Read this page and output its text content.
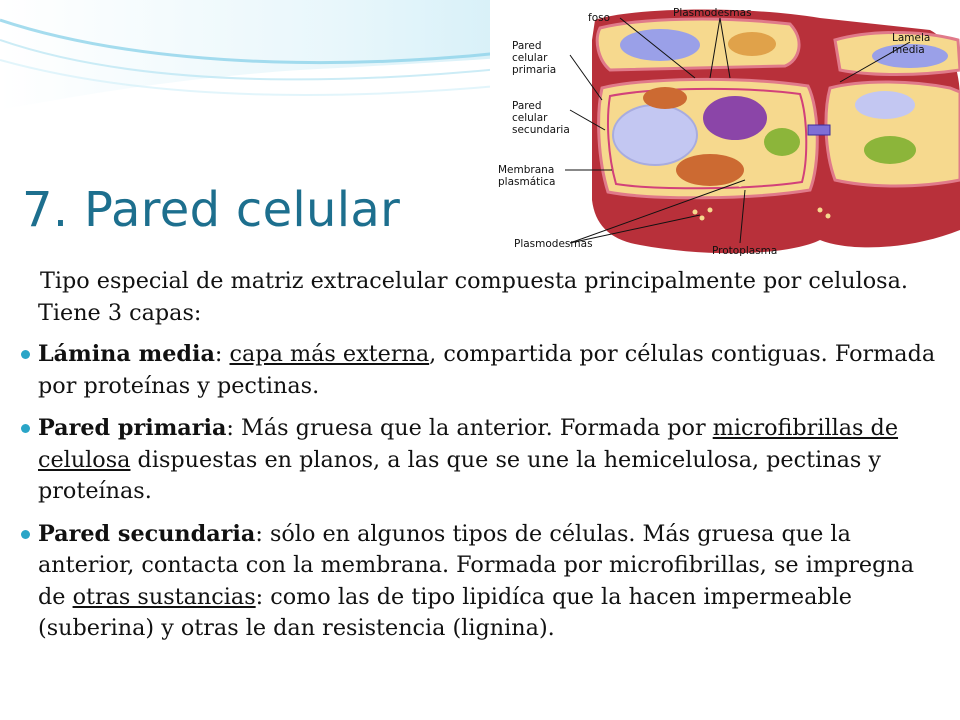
foso	Plasmodesmas
Lamela
media
Pared
celular
primaria
Pared
celular
secundaria
Membrana
plasmática
Plasmodesmas
Protoplasma
7. Pared celular

Tipo especial de matriz extracelular compuesta principalmente por celulosa. Tiene 3 capas:

Lámina media: capa más externa, compartida por células contiguas. Formada por proteínas y pectinas.

Pared primaria: Más gruesa que la anterior. Formada por microfibrillas de celulosa dispuestas en planos, a las que se une la hemicelulosa, pectinas y proteínas.

Pared secundaria: sólo en algunos tipos de células. Más gruesa que la anterior, contacta con la membrana. Formada por microfibrillas, se impregna de otras sustancias: como las de tipo lipidíca que la hacen impermeable (suberina) y otras le dan resistencia (lignina).
